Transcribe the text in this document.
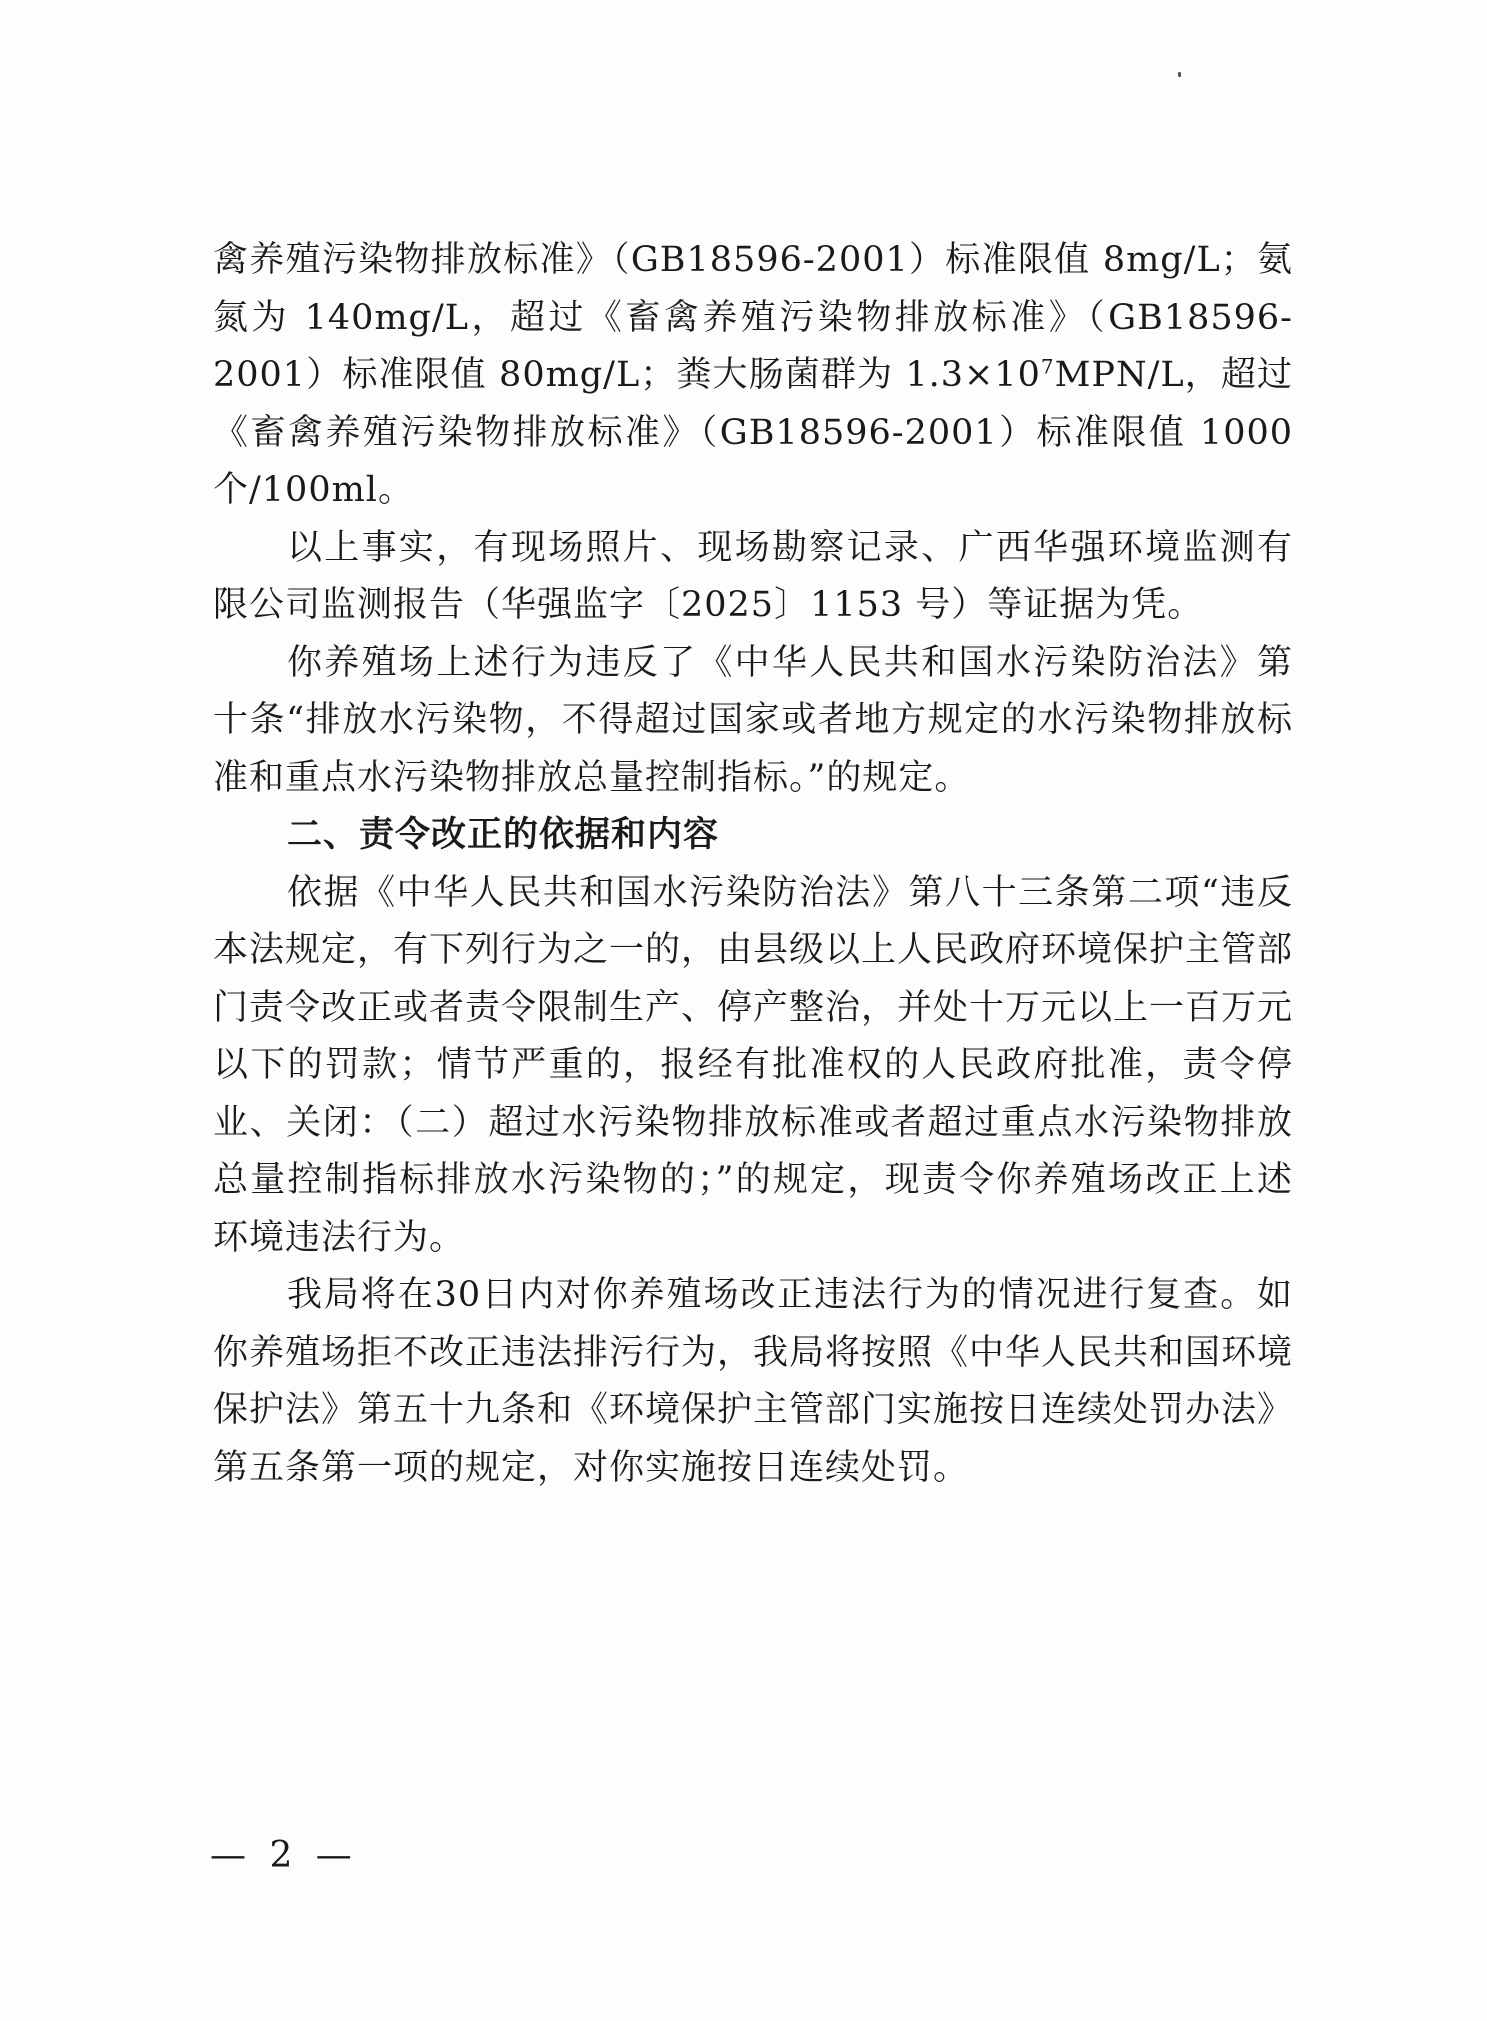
禽养殖污染物排放标准》（GB18596-2001）标准限值 8mg/L；氨氮为 140mg/L，超过《畜禽养殖污染物排放标准》（GB18596-2001）标准限值 80mg/L；粪大肠菌群为 $1.3\times 10^7MPN/L$，超过《畜禽养殖污染物排放标准》（GB18596-2001）标准限值 1000 个/100ml。

以上事实，有现场照片、现场勘察记录、广西华强环境监测有限公司监测报告（华强监字〔2025〕1153 号）等证据为凭。

你养殖场上述行为违反了《中华人民共和国水污染防治法》第十条“排放水污染物，不得超过国家或者地方规定的水污染物排放标准和重点水污染物排放总量控制指标。”的规定。

二、责令改正的依据和内容

依据《中华人民共和国水污染防治法》第八十三条第二项“违反本法规定，有下列行为之一的，由县级以上人民政府环境保护主管部门责令改正或者责令限制生产、停产整治，并处十万元以上一百万元以下的罚款；情节严重的，报经有批准权的人民政府批准，责令停业、关闭：（二）超过水污染物排放标准或者超过重点水污染物排放总量控制指标排放水污染物的；”的规定，现责令你养殖场改正上述环境违法行为。

我局将在30日内对你养殖场改正违法行为的情况进行复查。如你养殖场拒不改正违法排污行为，我局将按照《中华人民共和国环境保护法》第五十九条和《环境保护主管部门实施按日连续处罚办法》第五条第一项的规定，对你实施按日连续处罚。

— 2 —
